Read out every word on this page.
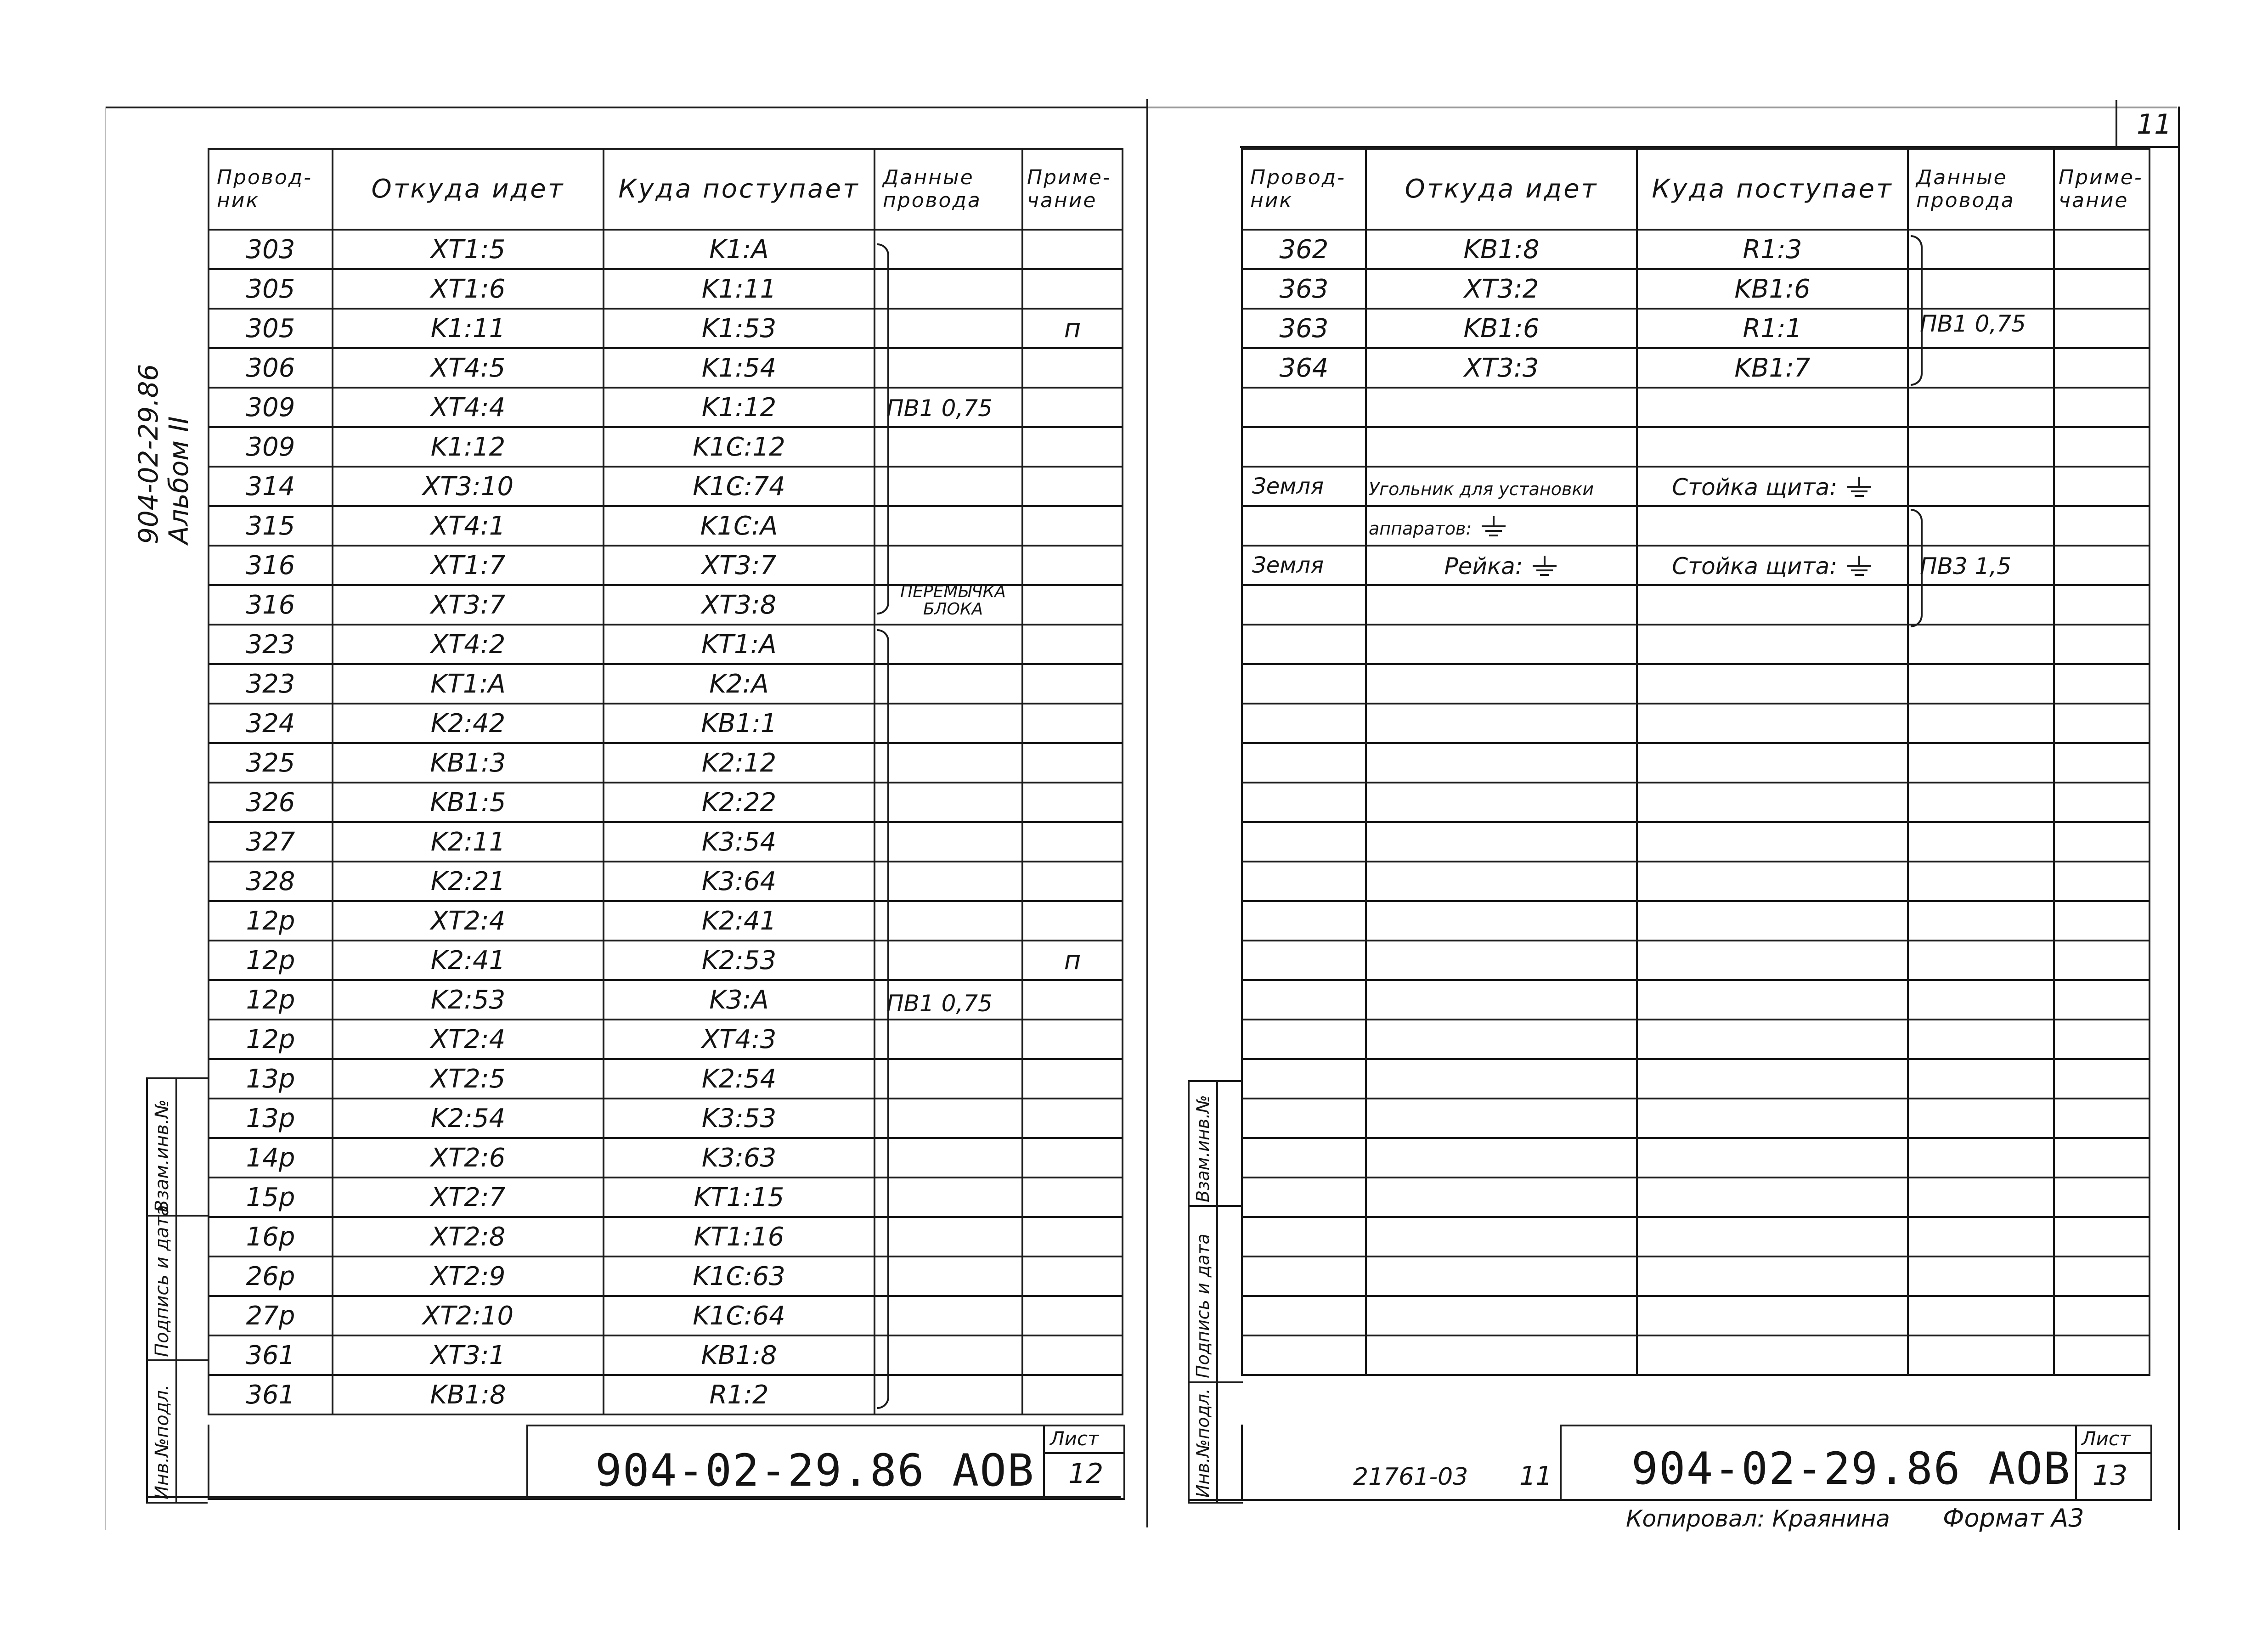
904-02-29.86
Альбом II
Провод-
ник	Откуда идет	Куда поступает	Данные
провода	Приме-
чание
303	XT1:5	K1:A		
305	XT1:6	K1:11		
305	K1:11	K1:53		п
306	XT4:5	K1:54		
309	XT4:4	K1:12		
309	K1:12	K1Ͼ:12		
314	XT3:10	K1Ͼ:74		
315	XT4:1	K1Ͼ:A		
316	XT1:7	XT3:7		
316	XT3:7	XT3:8		
323	XT4:2	KT1:A		
323	KT1:A	K2:A		
324	K2:42	KB1:1		
325	KB1:3	K2:12		
326	KB1:5	K2:22		
327	K2:11	K3:54		
328	K2:21	K3:64		
12p	XT2:4	K2:41		
12p	K2:41	K2:53		п
12p	K2:53	K3:A		
12p	XT2:4	XT4:3		
13p	XT2:5	K2:54		
13p	K2:54	K3:53		
14p	XT2:6	K3:63		
15p	XT2:7	KT1:15		
16p	XT2:8	KT1:16		
26p	XT2:9	K1Ͼ:63		
27p	XT2:10	K1Ͼ:64		
361	XT3:1	KB1:8		
361	KB1:8	R1:2		
ПВ1 0,75
ПЕРЕМЫЧКА
БЛОКА
ПВ1 0,75
Инв.№подл.
Подпись и дата
Взам.инв.№
904-02-29.86 АОВ
Лист
12
11
Провод-
ник	Откуда идет	Куда поступает	Данные
провода	Приме-
чание
362	KB1:8	R1:3		
363	XT3:2	KB1:6		
363	KB1:6	R1:1		
364	XT3:3	KB1:7		

Земля	Угольник для установки	Стойка щита:		
	аппаратов:			
Земля	Рейка:	Стойка щита:		

ПВ1 0,75
ПВ3 1,5
Инв.№подл.
Подпись и дата
Взам.инв.№
21761-03 11 904-02-29.86 АОВ
Лист
13
Копировал: Краянина Формат А3
